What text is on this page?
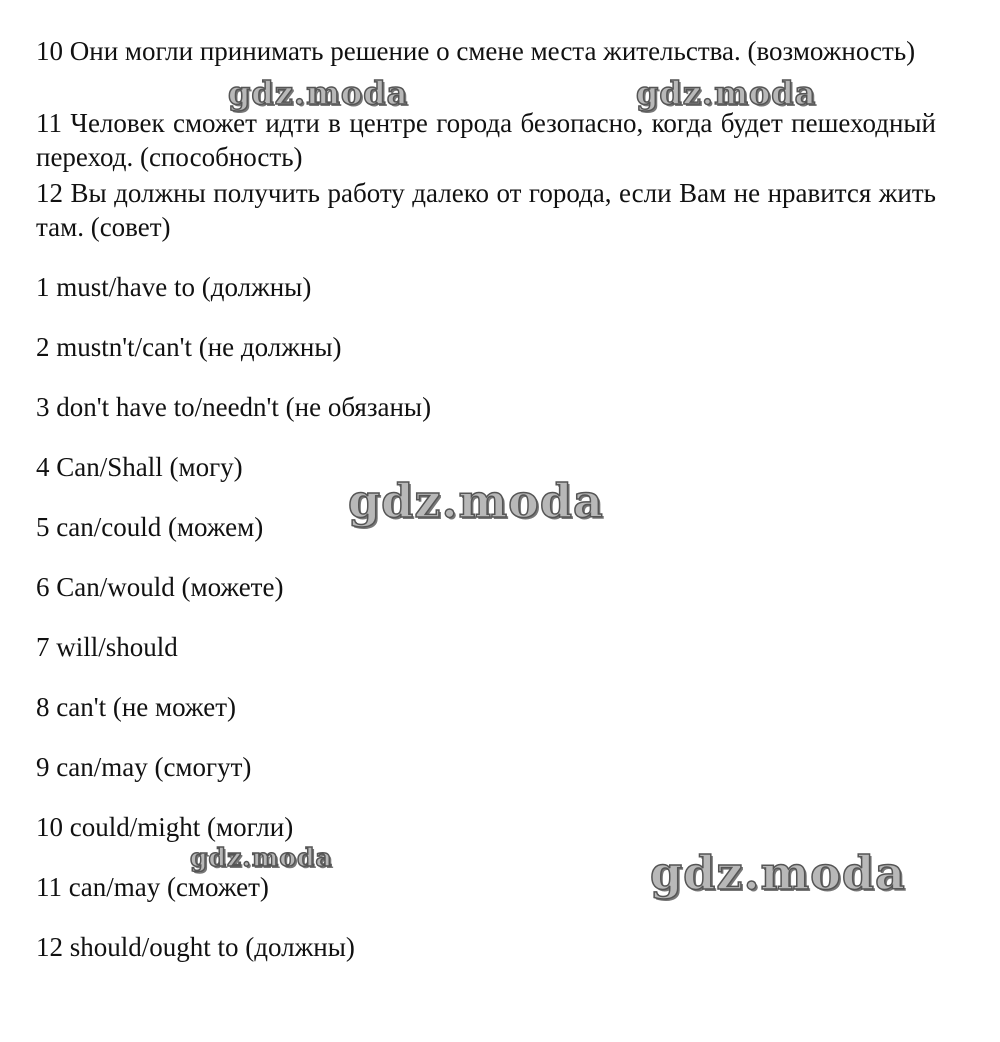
10 Они могли принимать решение о смене места жительства. (возможность)

11 Человек сможет идти в центре города безопасно, когда будет пешеходный переход. (способность)

12 Вы должны получить работу далеко от города, если Вам не нравится жить там. (совет)

1 must/have to (должны)

2 mustn't/can't (не должны)

3 don't have to/needn't (не обязаны)

4 Can/Shall (могу)

5 can/could (можем)

6 Can/would (можете)

7 will/should

8 can't (не может)

9 can/may (смогут)

10 could/might (могли)

11 can/may (сможет)

12 should/ought to (должны)

gdz.moda	gdz.moda
gdz.moda
gdz.moda	gdz.moda
